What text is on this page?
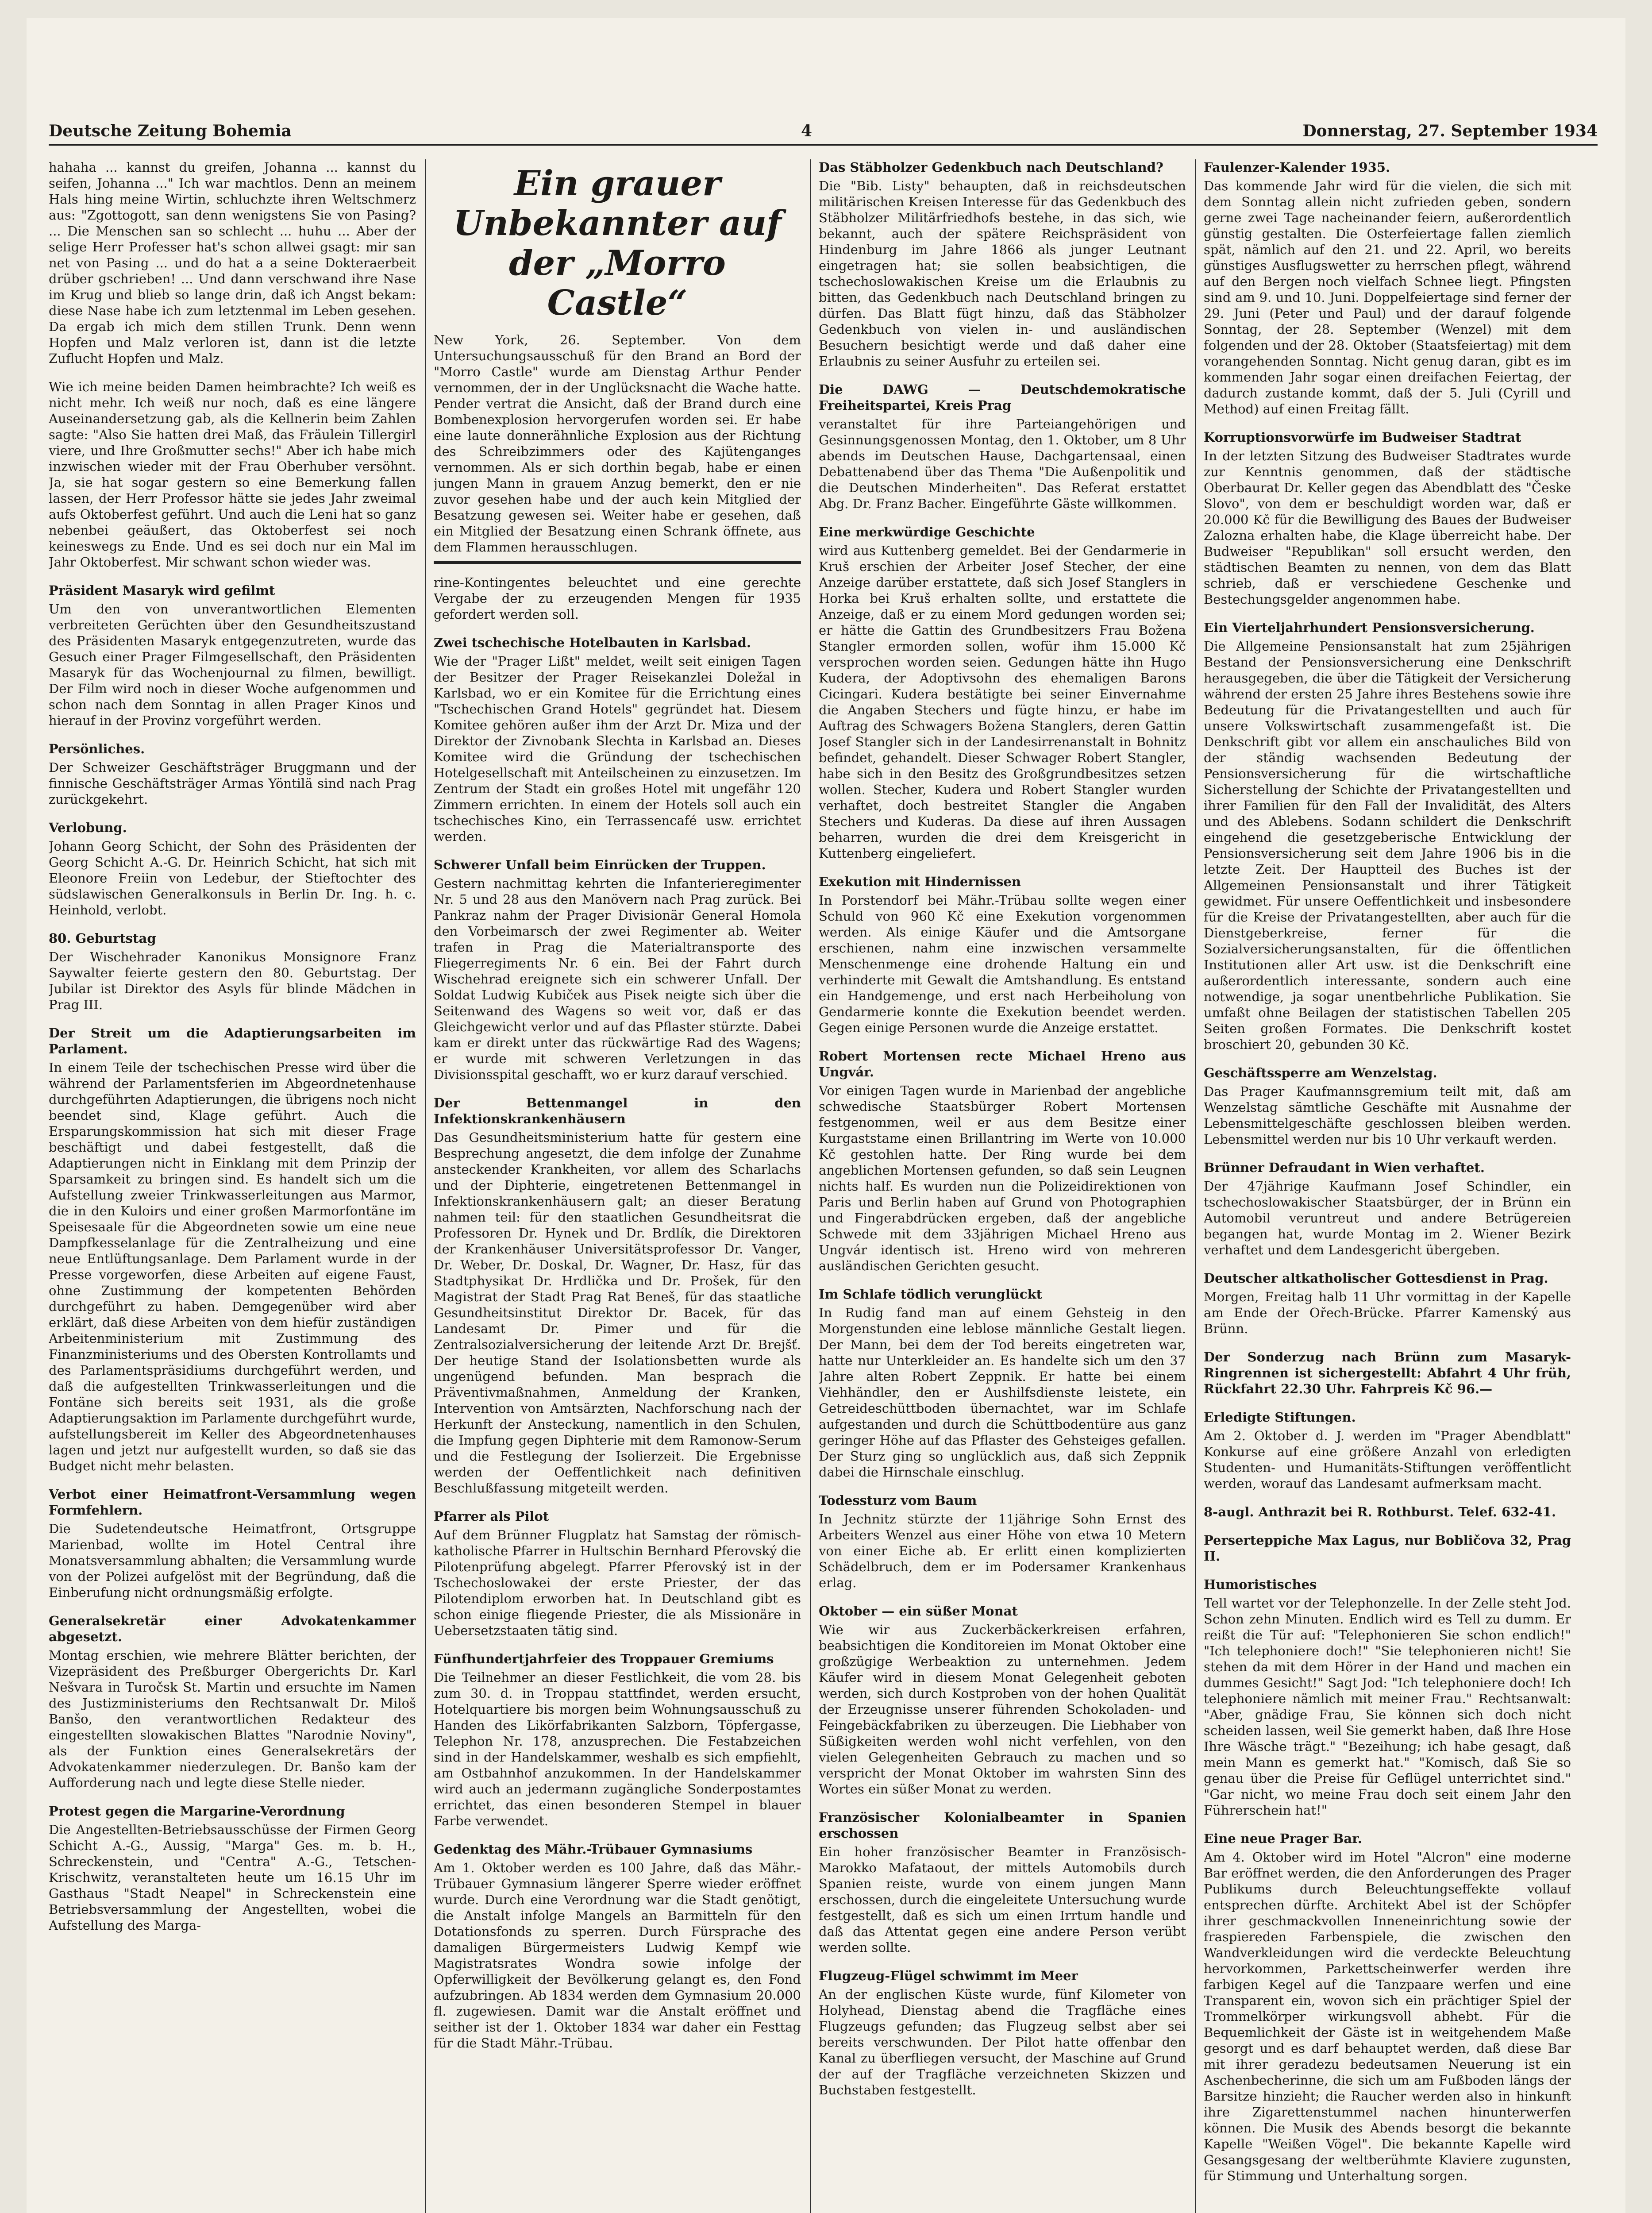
Deutsche Zeitung Bohemia	4	Donnerstag, 27. September 1934

hahaha ... kannst du greifen, Johanna ... kannst du seifen, Johanna ..." Ich war machtlos. Denn an meinem Hals hing meine Wirtin, schluchzte ihren Weltschmerz aus: "Zgottogott, san denn wenigstens Sie von Pasing? ... Die Menschen san so schlecht ... huhu ... Aber der selige Herr Professer hat's schon allwei gsagt: mir san net von Pasing ... und do hat a a seine Dokteraerbeit drüber gschrieben! ... Und dann verschwand ihre Nase im Krug und blieb so lange drin, daß ich Angst bekam: diese Nase habe ich zum letztenmal im Leben gesehen. Da ergab ich mich dem stillen Trunk. Denn wenn Hopfen und Malz verloren ist, dann ist die letzte Zuflucht Hopfen und Malz.

Wie ich meine beiden Damen heimbrachte? Ich weiß es nicht mehr. Ich weiß nur noch, daß es eine längere Auseinandersetzung gab, als die Kellnerin beim Zahlen sagte: "Also Sie hatten drei Maß, das Fräulein Tillergirl viere, und Ihre Großmutter sechs!" Aber ich habe mich inzwischen wieder mit der Frau Oberhuber versöhnt. Ja, sie hat sogar gestern so eine Bemerkung fallen lassen, der Herr Professor hätte sie jedes Jahr zweimal aufs Oktoberfest geführt. Und auch die Leni hat so ganz nebenbei geäußert, das Oktoberfest sei noch keineswegs zu Ende. Und es sei doch nur ein Mal im Jahr Oktoberfest. Mir schwant schon wieder was.

Präsident Masaryk wird gefilmt

Um den von unverantwortlichen Elementen verbreiteten Gerüchten über den Gesundheitszustand des Präsidenten Masaryk entgegenzutreten, wurde das Gesuch einer Prager Filmgesellschaft, den Präsidenten Masaryk für das Wochenjournal zu filmen, bewilligt. Der Film wird noch in dieser Woche aufgenommen und schon nach dem Sonntag in allen Prager Kinos und hierauf in der Provinz vorgeführt werden.

Persönliches.

Der Schweizer Geschäftsträger Bruggmann und der finnische Geschäftsträger Armas Yöntilä sind nach Prag zurückgekehrt.

Verlobung.

Johann Georg Schicht, der Sohn des Präsidenten der Georg Schicht A.-G. Dr. Heinrich Schicht, hat sich mit Eleonore Freiin von Ledebur, der Stieftochter des südslawischen Generalkonsuls in Berlin Dr. Ing. h. c. Heinhold, verlobt.

80. Geburtstag

Der Wischehrader Kanonikus Monsignore Franz Saywalter feierte gestern den 80. Geburtstag. Der Jubilar ist Direktor des Asyls für blinde Mädchen in Prag III.

Der Streit um die Adaptierungsarbeiten im Parlament.

In einem Teile der tschechischen Presse wird über die während der Parlamentsferien im Abgeordnetenhause durchgeführten Adaptierungen, die übrigens noch nicht beendet sind, Klage geführt. Auch die Ersparungskommission hat sich mit dieser Frage beschäftigt und dabei festgestellt, daß die Adaptierungen nicht in Einklang mit dem Prinzip der Sparsamkeit zu bringen sind. Es handelt sich um die Aufstellung zweier Trinkwasserleitungen aus Marmor, die in den Kuloirs und einer großen Marmorfontäne im Speisesaale für die Abgeordneten sowie um eine neue Dampfkesselanlage für die Zentralheizung und eine neue Entlüftungsanlage. Dem Parlament wurde in der Presse vorgeworfen, diese Arbeiten auf eigene Faust, ohne Zustimmung der kompetenten Behörden durchgeführt zu haben. Demgegenüber wird aber erklärt, daß diese Arbeiten von dem hiefür zuständigen Arbeitenministerium mit Zustimmung des Finanzministeriums und des Obersten Kontrollamts und des Parlamentspräsidiums durchgeführt werden, und daß die aufgestellten Trinkwasserleitungen und die Fontäne sich bereits seit 1931, als die große Adaptierungsaktion im Parlamente durchgeführt wurde, aufstellungsbereit im Keller des Abgeordnetenhauses lagen und jetzt nur aufgestellt wurden, so daß sie das Budget nicht mehr belasten.

Verbot einer Heimatfront-Versammlung wegen Formfehlern.

Die Sudetendeutsche Heimatfront, Ortsgruppe Marienbad, wollte im Hotel Central ihre Monatsversammlung abhalten; die Versammlung wurde von der Polizei aufgelöst mit der Begründung, daß die Einberufung nicht ordnungsmäßig erfolgte.

Generalsekretär einer Advokatenkammer abgesetzt.

Montag erschien, wie mehrere Blätter berichten, der Vizepräsident des Preßburger Obergerichts Dr. Karl Nešvara in Turočsk St. Martin und ersuchte im Namen des Justizministeriums den Rechtsanwalt Dr. Miloš Banšo, den verantwortlichen Redakteur des eingestellten slowakischen Blattes "Narodnie Noviny", als der Funktion eines Generalsekretärs der Advokatenkammer niederzulegen. Dr. Banšo kam der Aufforderung nach und legte diese Stelle nieder.

Protest gegen die Margarine-Verordnung

Die Angestellten-Betriebsausschüsse der Firmen Georg Schicht A.-G., Aussig, "Marga" Ges. m. b. H., Schreckenstein, und "Centra" A.-G., Tetschen-Krischwitz, veranstalteten heute um 16.15 Uhr im Gasthaus "Stadt Neapel" in Schreckenstein eine Betriebsversammlung der Angestellten, wobei die Aufstellung des Marga-

Ein grauer Unbekannter auf der „Morro Castle“

New York, 26. September. Von dem Untersuchungsausschuß für den Brand an Bord der "Morro Castle" wurde am Dienstag Arthur Pender vernommen, der in der Unglücksnacht die Wache hatte. Pender vertrat die Ansicht, daß der Brand durch eine Bombenexplosion hervorgerufen worden sei. Er habe eine laute donnerähnliche Explosion aus der Richtung des Schreibzimmers oder des Kajütenganges vernommen. Als er sich dorthin begab, habe er einen jungen Mann in grauem Anzug bemerkt, den er nie zuvor gesehen habe und der auch kein Mitglied der Besatzung gewesen sei. Weiter habe er gesehen, daß ein Mitglied der Besatzung einen Schrank öffnete, aus dem Flammen herausschlugen.

rine-Kontingentes beleuchtet und eine gerechte Vergabe der zu erzeugenden Mengen für 1935 gefordert werden soll.

Zwei tschechische Hotelbauten in Karlsbad.

Wie der "Prager Lißt" meldet, weilt seit einigen Tagen der Besitzer der Prager Reisekanzlei Doležal in Karlsbad, wo er ein Komitee für die Errichtung eines "Tschechischen Grand Hotels" gegründet hat. Diesem Komitee gehören außer ihm der Arzt Dr. Miza und der Direktor der Zivnobank Slechta in Karlsbad an. Dieses Komitee wird die Gründung der tschechischen Hotelgesellschaft mit Anteilscheinen zu einzusetzen. Im Zentrum der Stadt ein großes Hotel mit ungefähr 120 Zimmern errichten. In einem der Hotels soll auch ein tschechisches Kino, ein Terrassencafé usw. errichtet werden.

Schwerer Unfall beim Einrücken der Truppen.

Gestern nachmittag kehrten die Infanterieregimenter Nr. 5 und 28 aus den Manövern nach Prag zurück. Bei Pankraz nahm der Prager Divisionär General Homola den Vorbeimarsch der zwei Regimenter ab. Weiter trafen in Prag die Materialtransporte des Fliegerregiments Nr. 6 ein. Bei der Fahrt durch Wischehrad ereignete sich ein schwerer Unfall. Der Soldat Ludwig Kubiček aus Pisek neigte sich über die Seitenwand des Wagens so weit vor, daß er das Gleichgewicht verlor und auf das Pflaster stürzte. Dabei kam er direkt unter das rückwärtige Rad des Wagens; er wurde mit schweren Verletzungen in das Divisionsspital geschafft, wo er kurz darauf verschied.

Der Bettenmangel in den Infektionskrankenhäusern

Das Gesundheitsministerium hatte für gestern eine Besprechung angesetzt, die dem infolge der Zunahme ansteckender Krankheiten, vor allem des Scharlachs und der Diphterie, eingetretenen Bettenmangel in Infektionskrankenhäusern galt; an dieser Beratung nahmen teil: für den staatlichen Gesundheitsrat die Professoren Dr. Hynek und Dr. Brdlík, die Direktoren der Krankenhäuser Universitätsprofessor Dr. Vanger, Dr. Weber, Dr. Doskal, Dr. Wagner, Dr. Hasz, für das Stadtphysikat Dr. Hrdlička und Dr. Prošek, für den Magistrat der Stadt Prag Rat Beneš, für das staatliche Gesundheitsinstitut Direktor Dr. Bacek, für das Landesamt Dr. Pimer und für die Zentralsozialversicherung der leitende Arzt Dr. Brejšť. Der heutige Stand der Isolationsbetten wurde als ungenügend befunden. Man besprach die Präventivmaßnahmen, Anmeldung der Kranken, Intervention von Amtsärzten, Nachforschung nach der Herkunft der Ansteckung, namentlich in den Schulen, die Impfung gegen Diphterie mit dem Ramonow-Serum und die Festlegung der Isolierzeit. Die Ergebnisse werden der Oeffentlichkeit nach definitiven Beschlußfassung mitgeteilt werden.

Pfarrer als Pilot

Auf dem Brünner Flugplatz hat Samstag der römisch-katholische Pfarrer in Hultschin Bernhard Pferovský die Pilotenprüfung abgelegt. Pfarrer Pferovský ist in der Tschechoslowakei der erste Priester, der das Pilotendiplom erworben hat. In Deutschland gibt es schon einige fliegende Priester, die als Missionäre in Uebersetzstaaten tätig sind.

Fünfhundertjahrfeier des Troppauer Gremiums

Die Teilnehmer an dieser Festlichkeit, die vom 28. bis zum 30. d. in Troppau stattfindet, werden ersucht, Hotelquartiere bis morgen beim Wohnungsausschuß zu Handen des Likörfabrikanten Salzborn, Töpfergasse, Telephon Nr. 178, anzusprechen. Die Festabzeichen sind in der Handelskammer, weshalb es sich empfiehlt, am Ostbahnhof anzukommen. In der Handelskammer wird auch an jedermann zugängliche Sonderpostamtes errichtet, das einen besonderen Stempel in blauer Farbe verwendet.

Gedenktag des Mähr.-Trübauer Gymnasiums

Am 1. Oktober werden es 100 Jahre, daß das Mähr.-Trübauer Gymnasium längerer Sperre wieder eröffnet wurde. Durch eine Verordnung war die Stadt genötigt, die Anstalt infolge Mangels an Barmitteln für den Dotationsfonds zu sperren. Durch Fürsprache des damaligen Bürgermeisters Ludwig Kempf wie Magistratsrates Wondra sowie infolge der Opferwilligkeit der Bevölkerung gelangt es, den Fond aufzubringen. Ab 1834 werden dem Gymnasium 20.000 fl. zugewiesen. Damit war die Anstalt eröffnet und seither ist der 1. Oktober 1834 war daher ein Festtag für die Stadt Mähr.-Trübau.

Das Stäbholzer Gedenkbuch nach Deutschland?

Die "Bib. Listy" behaupten, daß in reichsdeutschen militärischen Kreisen Interesse für das Gedenkbuch des Stäbholzer Militärfriedhofs bestehe, in das sich, wie bekannt, auch der spätere Reichspräsident von Hindenburg im Jahre 1866 als junger Leutnant eingetragen hat; sie sollen beabsichtigen, die tschechoslowakischen Kreise um die Erlaubnis zu bitten, das Gedenkbuch nach Deutschland bringen zu dürfen. Das Blatt fügt hinzu, daß das Stäbholzer Gedenkbuch von vielen in- und ausländischen Besuchern besichtigt werde und daß daher eine Erlaubnis zu seiner Ausfuhr zu erteilen sei.

Die DAWG — Deutschdemokratische Freiheitspartei, Kreis Prag

veranstaltet für ihre Parteiangehörigen und Gesinnungsgenossen Montag, den 1. Oktober, um 8 Uhr abends im Deutschen Hause, Dachgartensaal, einen Debattenabend über das Thema "Die Außenpolitik und die Deutschen Minderheiten". Das Referat erstattet Abg. Dr. Franz Bacher. Eingeführte Gäste willkommen.

Eine merkwürdige Geschichte

wird aus Kuttenberg gemeldet. Bei der Gendarmerie in Kruš erschien der Arbeiter Josef Stecher, der eine Anzeige darüber erstattete, daß sich Josef Stanglers in Horka bei Kruš erhalten sollte, und erstattete die Anzeige, daß er zu einem Mord gedungen worden sei; er hätte die Gattin des Grundbesitzers Frau Božena Stangler ermorden sollen, wofür ihm 15.000 Kč versprochen worden seien. Gedungen hätte ihn Hugo Kudera, der Adoptivsohn des ehemaligen Barons Cicingari. Kudera bestätigte bei seiner Einvernahme die Angaben Stechers und fügte hinzu, er habe im Auftrag des Schwagers Božena Stanglers, deren Gattin Josef Stangler sich in der Landesirrenanstalt in Bohnitz befindet, gehandelt. Dieser Schwager Robert Stangler, habe sich in den Besitz des Großgrundbesitzes setzen wollen. Stecher, Kudera und Robert Stangler wurden verhaftet, doch bestreitet Stangler die Angaben Stechers und Kuderas. Da diese auf ihren Aussagen beharren, wurden die drei dem Kreisgericht in Kuttenberg eingeliefert.

Exekution mit Hindernissen

In Porstendorf bei Mähr.-Trübau sollte wegen einer Schuld von 960 Kč eine Exekution vorgenommen werden. Als einige Käufer und die Amtsorgane erschienen, nahm eine inzwischen versammelte Menschenmenge eine drohende Haltung ein und verhinderte mit Gewalt die Amtshandlung. Es entstand ein Handgemenge, und erst nach Herbeiholung von Gendarmerie konnte die Exekution beendet werden. Gegen einige Personen wurde die Anzeige erstattet.

Robert Mortensen recte Michael Hreno aus Ungvár.

Vor einigen Tagen wurde in Marienbad der angebliche schwedische Staatsbürger Robert Mortensen festgenommen, weil er aus dem Besitze einer Kurgaststame einen Brillantring im Werte von 10.000 Kč gestohlen hatte. Der Ring wurde bei dem angeblichen Mortensen gefunden, so daß sein Leugnen nichts half. Es wurden nun die Polizeidirektionen von Paris und Berlin haben auf Grund von Photographien und Fingerabdrücken ergeben, daß der angebliche Schwede mit dem 33jährigen Michael Hreno aus Ungvár identisch ist. Hreno wird von mehreren ausländischen Gerichten gesucht.

Im Schlafe tödlich verunglückt

In Rudig fand man auf einem Gehsteig in den Morgenstunden eine leblose männliche Gestalt liegen. Der Mann, bei dem der Tod bereits eingetreten war, hatte nur Unterkleider an. Es handelte sich um den 37 Jahre alten Robert Zeppnik. Er hatte bei einem Viehhändler, den er Aushilfsdienste leistete, ein Getreideschüttboden übernachtet, war im Schlafe aufgestanden und durch die Schüttbodentüre aus ganz geringer Höhe auf das Pflaster des Gehsteiges gefallen. Der Sturz ging so unglücklich aus, daß sich Zeppnik dabei die Hirnschale einschlug.

Todessturz vom Baum

In Jechnitz stürzte der 11jährige Sohn Ernst des Arbeiters Wenzel aus einer Höhe von etwa 10 Metern von einer Eiche ab. Er erlitt einen komplizierten Schädelbruch, dem er im Podersamer Krankenhaus erlag.

Oktober — ein süßer Monat

Wie wir aus Zuckerbäckerkreisen erfahren, beabsichtigen die Konditoreien im Monat Oktober eine großzügige Werbeaktion zu unternehmen. Jedem Käufer wird in diesem Monat Gelegenheit geboten werden, sich durch Kostproben von der hohen Qualität der Erzeugnisse unserer führenden Schokoladen- und Feingebäckfabriken zu überzeugen. Die Liebhaber von Süßigkeiten werden wohl nicht verfehlen, von den vielen Gelegenheiten Gebrauch zu machen und so verspricht der Monat Oktober im wahrsten Sinn des Wortes ein süßer Monat zu werden.

Französischer Kolonialbeamter in Spanien erschossen

Ein hoher französischer Beamter in Französisch-Marokko Mafataout, der mittels Automobils durch Spanien reiste, wurde von einem jungen Mann erschossen, durch die eingeleitete Untersuchung wurde festgestellt, daß es sich um einen Irrtum handle und daß das Attentat gegen eine andere Person verübt werden sollte.

Flugzeug-Flügel schwimmt im Meer

An der englischen Küste wurde, fünf Kilometer von Holyhead, Dienstag abend die Tragfläche eines Flugzeugs gefunden; das Flugzeug selbst aber sei bereits verschwunden. Der Pilot hatte offenbar den Kanal zu überfliegen versucht, der Maschine auf Grund der auf der Tragfläche verzeichneten Skizzen und Buchstaben festgestellt.

Faulenzer-Kalender 1935.

Das kommende Jahr wird für die vielen, die sich mit dem Sonntag allein nicht zufrieden geben, sondern gerne zwei Tage nacheinander feiern, außerordentlich günstig gestalten. Die Osterfeiertage fallen ziemlich spät, nämlich auf den 21. und 22. April, wo bereits günstiges Ausflugswetter zu herrschen pflegt, während auf den Bergen noch vielfach Schnee liegt. Pfingsten sind am 9. und 10. Juni. Doppelfeiertage sind ferner der 29. Juni (Peter und Paul) und der darauf folgende Sonntag, der 28. September (Wenzel) mit dem folgenden und der 28. Oktober (Staatsfeiertag) mit dem vorangehenden Sonntag. Nicht genug daran, gibt es im kommenden Jahr sogar einen dreifachen Feiertag, der dadurch zustande kommt, daß der 5. Juli (Cyrill und Method) auf einen Freitag fällt.

Korruptionsvorwürfe im Budweiser Stadtrat

In der letzten Sitzung des Budweiser Stadtrates wurde zur Kenntnis genommen, daß der städtische Oberbaurat Dr. Keller gegen das Abendblatt des "Česke Slovo", von dem er beschuldigt worden war, daß er 20.000 Kč für die Bewilligung des Baues der Budweiser Zalozna erhalten habe, die Klage überreicht habe. Der Budweiser "Republikan" soll ersucht werden, den städtischen Beamten zu nennen, von dem das Blatt schrieb, daß er verschiedene Geschenke und Bestechungsgelder angenommen habe.

Ein Vierteljahrhundert Pensionsversicherung.

Die Allgemeine Pensionsanstalt hat zum 25jährigen Bestand der Pensionsversicherung eine Denkschrift herausgegeben, die über die Tätigkeit der Versicherung während der ersten 25 Jahre ihres Bestehens sowie ihre Bedeutung für die Privatangestellten und auch für unsere Volkswirtschaft zusammengefaßt ist. Die Denkschrift gibt vor allem ein anschauliches Bild von der ständig wachsenden Bedeutung der Pensionsversicherung für die wirtschaftliche Sicherstellung der Schichte der Privatangestellten und ihrer Familien für den Fall der Invalidität, des Alters und des Ablebens. Sodann schildert die Denkschrift eingehend die gesetzgeberische Entwicklung der Pensionsversicherung seit dem Jahre 1906 bis in die letzte Zeit. Der Hauptteil des Buches ist der Allgemeinen Pensionsanstalt und ihrer Tätigkeit gewidmet. Für unsere Oeffentlichkeit und insbesondere für die Kreise der Privatangestellten, aber auch für die Dienstgeberkreise, ferner für die Sozialversicherungsanstalten, für die öffentlichen Institutionen aller Art usw. ist die Denkschrift eine außerordentlich interessante, sondern auch eine notwendige, ja sogar unentbehrliche Publikation. Sie umfaßt ohne Beilagen der statistischen Tabellen 205 Seiten großen Formates. Die Denkschrift kostet broschiert 20, gebunden 30 Kč.

Geschäftssperre am Wenzelstag.

Das Prager Kaufmannsgremium teilt mit, daß am Wenzelstag sämtliche Geschäfte mit Ausnahme der Lebensmittelgeschäfte geschlossen bleiben werden. Lebensmittel werden nur bis 10 Uhr verkauft werden.

Brünner Defraudant in Wien verhaftet.

Der 47jährige Kaufmann Josef Schindler, ein tschechoslowakischer Staatsbürger, der in Brünn ein Automobil veruntreut und andere Betrügereien begangen hat, wurde Montag im 2. Wiener Bezirk verhaftet und dem Landesgericht übergeben.

Deutscher altkatholischer Gottesdienst in Prag.

Morgen, Freitag halb 11 Uhr vormittag in der Kapelle am Ende der Ořech-Brücke. Pfarrer Kamenský aus Brünn.

Der Sonderzug nach Brünn zum Masaryk-Ringrennen ist sichergestellt: Abfahrt 4 Uhr früh, Rückfahrt 22.30 Uhr. Fahrpreis Kč 96.—
Erledigte Stiftungen.

Am 2. Oktober d. J. werden im "Prager Abendblatt" Konkurse auf eine größere Anzahl von erledigten Studenten- und Humanitäts-Stiftungen veröffentlicht werden, worauf das Landesamt aufmerksam macht.

8-augl. Anthrazit bei R. Rothburst. Telef. 632-41.
Perserteppiche Max Lagus, nur Bobličova 32, Prag II.
Humoristisches

Tell wartet vor der Telephonzelle. In der Zelle steht Jod. Schon zehn Minuten. Endlich wird es Tell zu dumm. Er reißt die Tür auf: "Telephonieren Sie schon endlich!" "Ich telephoniere doch!" "Sie telephonieren nicht! Sie stehen da mit dem Hörer in der Hand und machen ein dummes Gesicht!" Sagt Jod: "Ich telephoniere doch! Ich telephoniere nämlich mit meiner Frau." Rechtsanwalt: "Aber, gnädige Frau, Sie können sich doch nicht scheiden lassen, weil Sie gemerkt haben, daß Ihre Hose Ihre Wäsche trägt." "Bezeihung; ich habe gesagt, daß mein Mann es gemerkt hat." "Komisch, daß Sie so genau über die Preise für Geflügel unterrichtet sind." "Gar nicht, wo meine Frau doch seit einem Jahr den Führerschein hat!"

Eine neue Prager Bar.

Am 4. Oktober wird im Hotel "Alcron" eine moderne Bar eröffnet werden, die den Anforderungen des Prager Publikums durch Beleuchtungseffekte vollauf entsprechen dürfte. Architekt Abel ist der Schöpfer ihrer geschmackvollen Inneneinrichtung sowie der fraspiereden Farbenspiele, die zwischen den Wandverkleidungen wird die verdeckte Beleuchtung hervorkommen, Parkettscheinwerfer werden ihre farbigen Kegel auf die Tanzpaare werfen und eine Transparent ein, wovon sich ein prächtiger Spiel der Trommelkörper wirkungsvoll abhebt. Für die Bequemlichkeit der Gäste ist in weitgehendem Maße gesorgt und es darf behauptet werden, daß diese Bar mit ihrer geradezu bedeutsamen Neuerung ist ein Aschenbecherinne, die sich um am Fußboden längs der Barsitze hinzieht; die Raucher werden also in hinkunft ihre Zigarettenstummel nachen hinunterwerfen können. Die Musik des Abends besorgt die bekannte Kapelle "Weißen Vögel". Die bekannte Kapelle wird Gesangsgesang der weltberühmte Klaviere zugunsten, für Stimmung und Unterhaltung sorgen.
